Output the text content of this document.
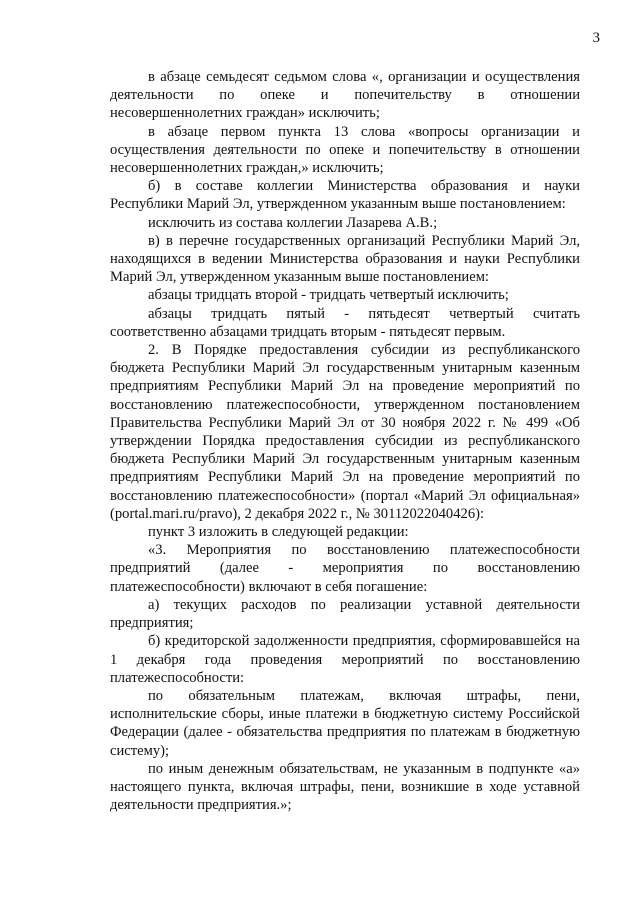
3

в абзаце семьдесят седьмом слова «, организации и осуществления деятельности по опеке и попечительству в отношении несовершеннолетних граждан» исключить;

в абзаце первом пункта 13 слова «вопросы организации и осуществления деятельности по опеке и попечительству в отношении несовершеннолетних граждан,» исключить;

б) в составе коллегии Министерства образования и науки Республики Марий Эл, утвержденном указанным выше постановлением:

исключить из состава коллегии Лазарева А.В.;

в) в перечне государственных организаций Республики Марий Эл, находящихся в ведении Министерства образования и науки Республики Марий Эл, утвержденном указанным выше постановлением:

абзацы тридцать второй - тридцать четвертый исключить;

абзацы тридцать пятый - пятьдесят четвертый считать соответственно абзацами тридцать вторым - пятьдесят первым.

2. В Порядке предоставления субсидии из республиканского бюджета Республики Марий Эл государственным унитарным казенным предприятиям Республики Марий Эл на проведение мероприятий по восстановлению платежеспособности, утвержденном постановлением Правительства Республики Марий Эл от 30 ноября 2022 г. № 499 «Об утверждении Порядка предоставления субсидии из республиканского бюджета Республики Марий Эл государственным унитарным казенным предприятиям Республики Марий Эл на проведение мероприятий по восстановлению платежеспособности» (портал «Марий Эл официальная» (portal.mari.ru/pravo), 2 декабря 2022 г., № 30112022040426):

пункт 3 изложить в следующей редакции:

«3. Мероприятия по восстановлению платежеспособности предприятий (далее - мероприятия по восстановлению платежеспособности) включают в себя погашение:

а) текущих расходов по реализации уставной деятельности предприятия;

б) кредиторской задолженности предприятия, сформировавшейся на 1 декабря года проведения мероприятий по восстановлению платежеспособности:

по обязательным платежам, включая штрафы, пени, исполнительские сборы, иные платежи в бюджетную систему Российской Федерации (далее - обязательства предприятия по платежам в бюджетную систему);

по иным денежным обязательствам, не указанным в подпункте «а» настоящего пункта, включая штрафы, пени, возникшие в ходе уставной деятельности предприятия.»;
